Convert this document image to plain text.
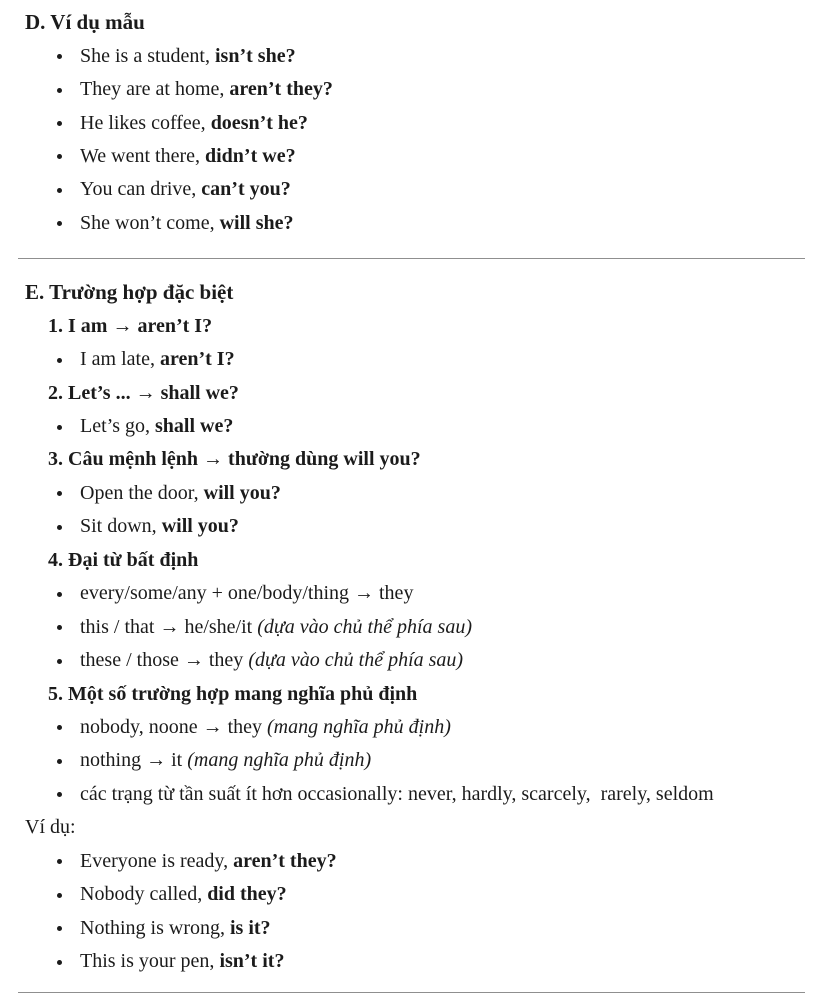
D. Ví dụ mẫu
She is a student, isn’t she?
They are at home, aren’t they?
He likes coffee, doesn’t he?
We went there, didn’t we?
You can drive, can’t you?
She won’t come, will she?
E. Trường hợp đặc biệt
1. I am → aren’t I?
I am late, aren’t I?
2. Let’s ... → shall we?
Let’s go, shall we?
3. Câu mệnh lệnh → thường dùng will you?
Open the door, will you?
Sit down, will you?
4. Đại từ bất định
every/some/any + one/body/thing → they
this / that → he/she/it (dựa vào chủ thể phía sau)
these / those → they (dựa vào chủ thể phía sau)
5. Một số trường hợp mang nghĩa phủ định
nobody, noone → they (mang nghĩa phủ định)
nothing → it (mang nghĩa phủ định)
các trạng từ tần suất ít hơn occasionally: never, hardly, scarcely,  rarely, seldom
Ví dụ:
Everyone is ready, aren’t they?
Nobody called, did they?
Nothing is wrong, is it?
This is your pen, isn’t it?
